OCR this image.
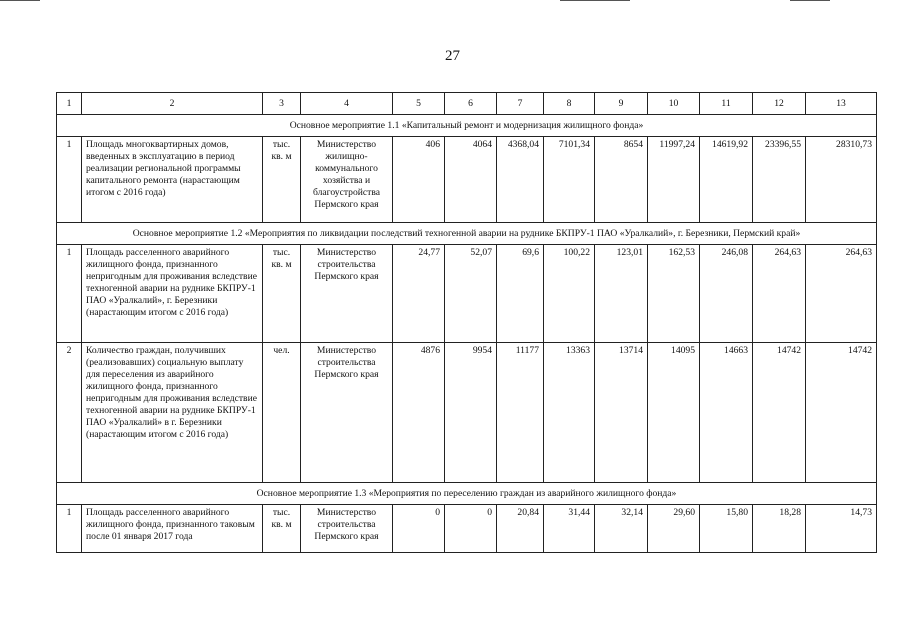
27
1	2	3	4	5	6	7	8	9	10	11	12	13
Основное мероприятие 1.1 «Капитальный ремонт и модернизация жилищного фонда»												
1	Площадь многоквартирных домов, введенных в эксплуатацию в период реализации региональной программы капитального ремонта (нарастающим итогом с 2016 года)	тыс. кв. м	Министерство жилищно-коммунального хозяйства и благоустройства Пермского края	406	4064	4368,04	7101,34	8654	11997,24	14619,92	23396,55	28310,73
Основное мероприятие 1.2 «Мероприятия по ликвидации последствий техногенной аварии на руднике БКПРУ-1 ПАО «Уралкалий», г. Березники, Пермский край»												
1	Площадь расселенного аварийного жилищного фонда, признанного непригодным для проживания вследствие техногенной аварии на руднике БКПРУ-1 ПАО «Уралкалий», г. Березники (нарастающим итогом с 2016 года)	тыс. кв. м	Министерство строительства Пермского края	24,77	52,07	69,6	100,22	123,01	162,53	246,08	264,63	264,63
2	Количество граждан, получивших (реализовавших) социальную выплату для переселения из аварийного жилищного фонда, признанного непригодным для проживания вследствие техногенной аварии на руднике БКПРУ-1 ПАО «Уралкалий» в г. Березники (нарастающим итогом с 2016 года)	чел.	Министерство строительства Пермского края	4876	9954	11177	13363	13714	14095	14663	14742	14742
Основное мероприятие 1.3 «Мероприятия по переселению граждан из аварийного жилищного фонда»												
1	Площадь расселенного аварийного жилищного фонда, признанного таковым после 01 января 2017 года	тыс. кв. м	Министерство строительства Пермского края	0	0	20,84	31,44	32,14	29,60	15,80	18,28	14,73
